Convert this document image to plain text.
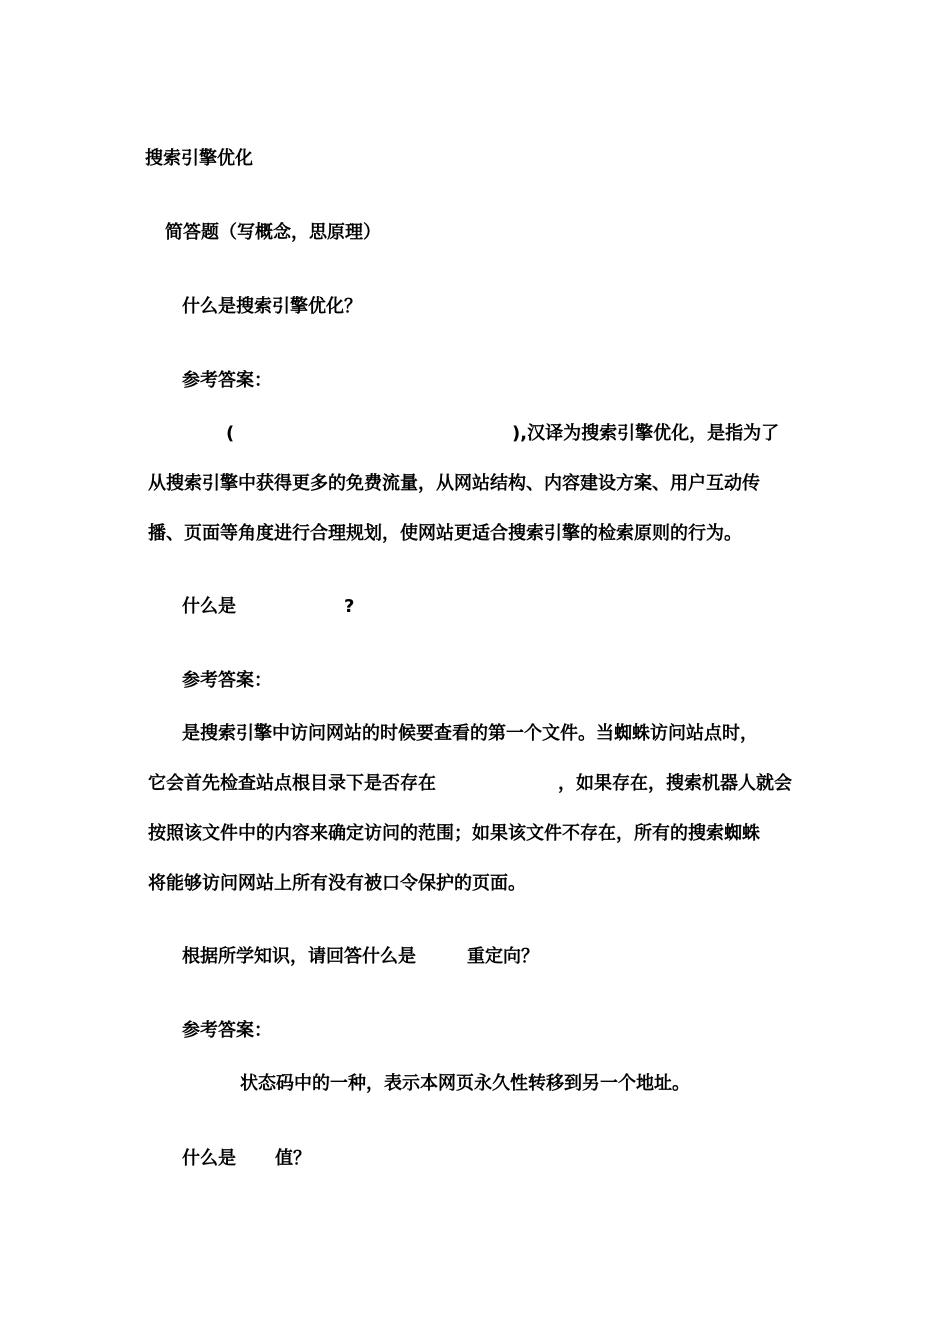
搜索引擎优化
简答题（写概念，思原理）
什么是搜索引擎优化？
参考答案：
(	),汉译为搜索引擎优化，是指为了
从搜索引擎中获得更多的免费流量，从网站结构、内容建设方案、用户互动传
播、页面等角度进行合理规划，使网站更适合搜索引擎的检索原则的行为。
什么是	?
参考答案：
是搜索引擎中访问网站的时候要查看的第一个文件。当蜘蛛访问站点时，
它会首先检查站点根目录下是否存在	，如果存在，搜索机器人就会
按照该文件中的内容来确定访问的范围；如果该文件不存在，所有的搜索蜘蛛
将能够访问网站上所有没有被口令保护的页面。
根据所学知识，请回答什么是	重定向？
参考答案：
状态码中的一种，表示本网页永久性转移到另一个地址。
什么是 值？
